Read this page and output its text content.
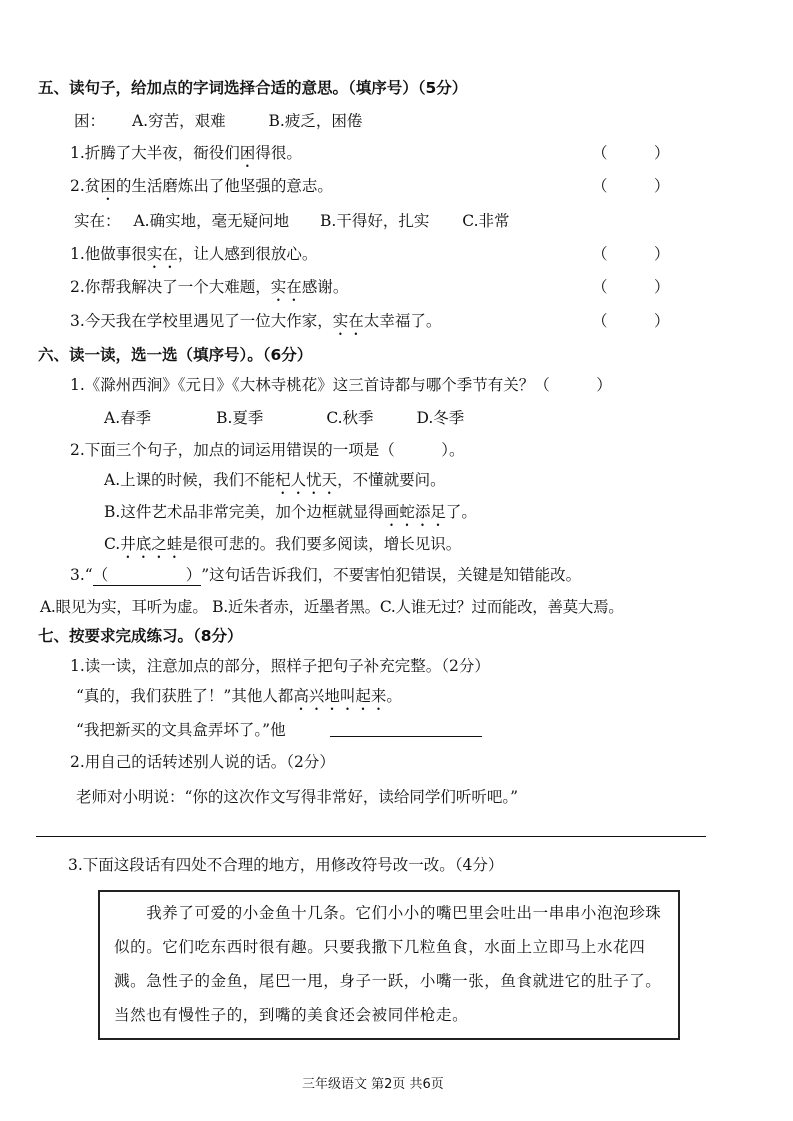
五、读句子，给加点的字词选择合适的意思。（填序号）（5分）
困： A.穷苦，艰难	B.疲乏，困倦
1.折腾了大半夜，衙役们困得很。	（　　　）
2.贫困的生活磨炼出了他坚强的意志。	（　　　）
实在： A.确实地，毫无疑问地 B.干得好，扎实 C.非常
1.他做事很实在，让人感到很放心。	（　　　）
2.你帮我解决了一个大难题，实在感谢。	（　　　）
3.今天我在学校里遇见了一位大作家，实在太幸福了。	（　　　）
六、读一读，选一选（填序号）。（6分）
1.《滁州西涧》《元日》《大林寺桃花》这三首诗都与哪个季节有关？（　　　）
A.春季	B.夏季	C.秋季	D.冬季
2.下面三个句子，加点的词运用错误的一项是（　　　）。
A.上课的时候，我们不能杞人忧天，不懂就要问。
B.这件艺术品非常完美，加个边框就显得画蛇添足了。
C.井底之蛙是很可悲的。我们要多阅读，增长见识。
3.“（　　　　　）”这句话告诉我们，不要害怕犯错误，关键是知错能改。
A.眼见为实，耳听为虚。 B.近朱者赤，近墨者黑。C.人谁无过？过而能改，善莫大焉。
七、按要求完成练习。（8分）
1.读一读，注意加点的部分，照样子把句子补充完整。（2分）
“真的，我们获胜了！”其他人都高兴地叫起来。
“我把新买的文具盒弄坏了。”他
2.用自己的话转述别人说的话。（2分）
老师对小明说：“你的这次作文写得非常好，读给同学们听听吧。”
3.下面这段话有四处不合理的地方，用修改符号改一改。（4分）
　　我养了可爱的小金鱼十几条。它们小小的嘴巴里会吐出一串串小泡泡珍珠似的。它们吃东西时很有趣。只要我撒下几粒鱼食，水面上立即马上水花四溅。急性子的金鱼，尾巴一甩，身子一跃，小嘴一张，鱼食就进它的肚子了。当然也有慢性子的，到嘴的美食还会被同伴枪走。
三年级语文 第2页 共6页
